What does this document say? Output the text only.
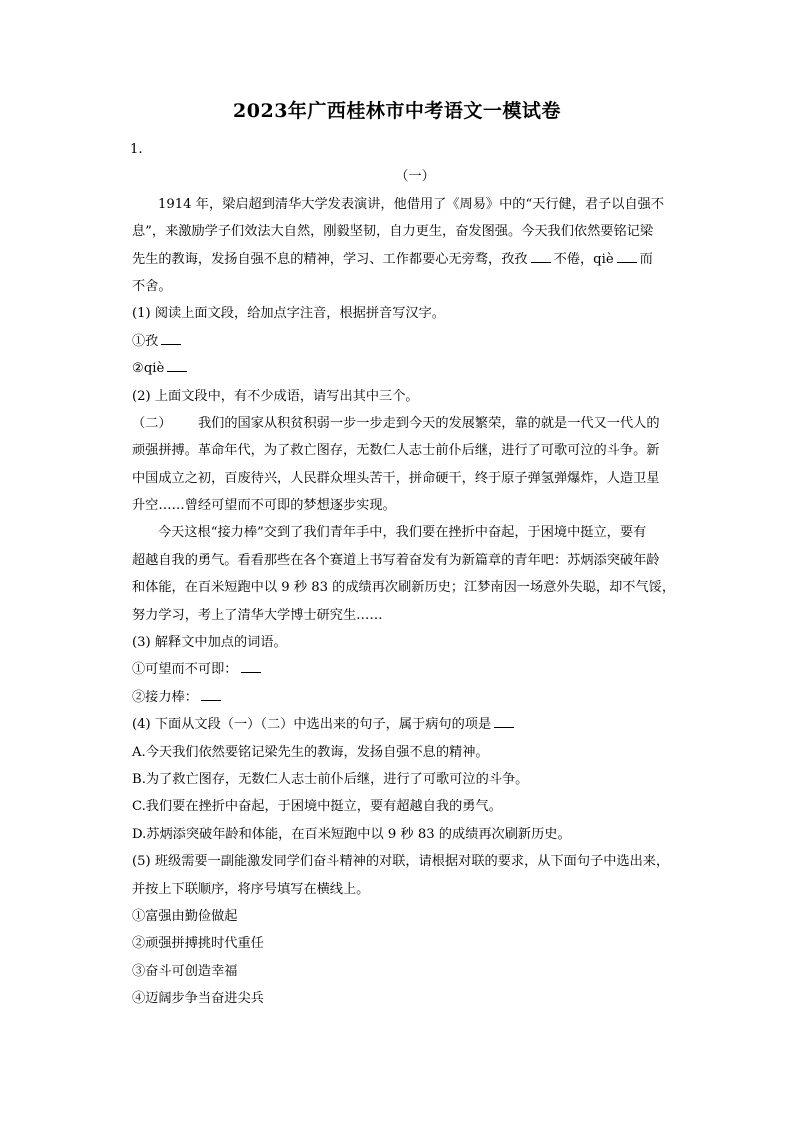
2023年广西桂林市中考语文一模试卷
1.
（一）
1914 年，梁启超到清华大学发表演讲，他借用了《周易》中的“天行健，君子以自强不
息”，来激励学子们效法大自然，刚毅坚韧，自力更生，奋发图强。今天我们依然要铭记梁
先生的教诲，发扬自强不息的精神，学习、工作都要心无旁骛，孜孜 不倦，qiè 而
不舍。
(1) 阅读上面文段，给加点字注音，根据拼音写汉字。
①孜
②qiè
(2) 上面文段中，有不少成语，请写出其中三个。
（二） 我们的国家从积贫积弱一步一步走到今天的发展繁荣，靠的就是一代又一代人的
顽强拼搏。革命年代，为了救亡图存，无数仁人志士前仆后继，进行了可歌可泣的斗争。新
中国成立之初，百废待兴，人民群众埋头苦干，拼命硬干，终于原子弹氢弹爆炸，人造卫星
升空……曾经可望而不可即的梦想逐步实现。
今天这根“接力棒”交到了我们青年手中，我们要在挫折中奋起，于困境中挺立，要有
超越自我的勇气。看看那些在各个赛道上书写着奋发有为新篇章的青年吧：苏炳添突破年龄
和体能，在百米短跑中以 9 秒 83 的成绩再次刷新历史；江梦南因一场意外失聪，却不气馁，
努力学习，考上了清华大学博士研究生……
(3) 解释文中加点的词语。
①可望而不可即：
②接力棒：
(4) 下面从文段（一）（二）中选出来的句子，属于病句的项是
A.今天我们依然要铭记梁先生的教诲，发扬自强不息的精神。
B.为了救亡图存，无数仁人志士前仆后继，进行了可歌可泣的斗争。
C.我们要在挫折中奋起，于困境中挺立，要有超越自我的勇气。
D.苏炳添突破年龄和体能，在百米短跑中以 9 秒 83 的成绩再次刷新历史。
(5) 班级需要一副能激发同学们奋斗精神的对联，请根据对联的要求，从下面句子中选出来，
并按上下联顺序，将序号填写在横线上。
①富强由勤俭做起
②顽强拼搏挑时代重任
③奋斗可创造幸福
④迈阔步争当奋进尖兵
